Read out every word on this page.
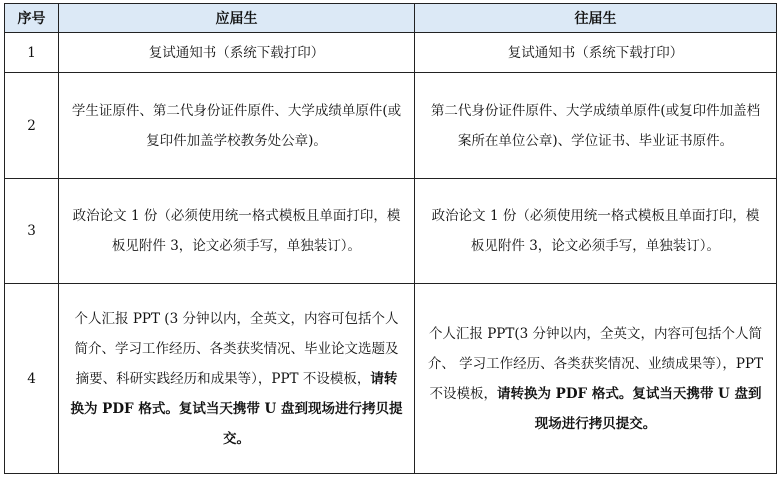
序号	应届生	往届生
1	复试通知书（系统下载打印）	复试通知书（系统下载打印）
2	学生证原件、第二代身份证件原件、大学成绩单原件(或复印件加盖学校教务处公章)。	第二代身份证件原件、大学成绩单原件(或复印件加盖档案所在单位公章)、学位证书、毕业证书原件。
3	政治论文 1 份（必须使用统一格式模板且单面打印，模板见附件 3，论文必须手写，单独装订）。	政治论文 1 份（必须使用统一格式模板且单面打印，模板见附件 3，论文必须手写，单独装订）。
4	个人汇报 PPT (3 分钟以内，全英文，内容可包括个人简介、学习工作经历、各类获奖情况、毕业论文选题及摘要、科研实践经历和成果等），PPT 不设模板，请转换为 PDF 格式。复试当天携带 U 盘到现场进行拷贝提交。	个人汇报 PPT(3 分钟以内，全英文，内容可包括个人简介、 学习工作经历、各类获奖情况、业绩成果等），PPT 不设模板，请转换为 PDF 格式。复试当天携带 U 盘到现场进行拷贝提交。
